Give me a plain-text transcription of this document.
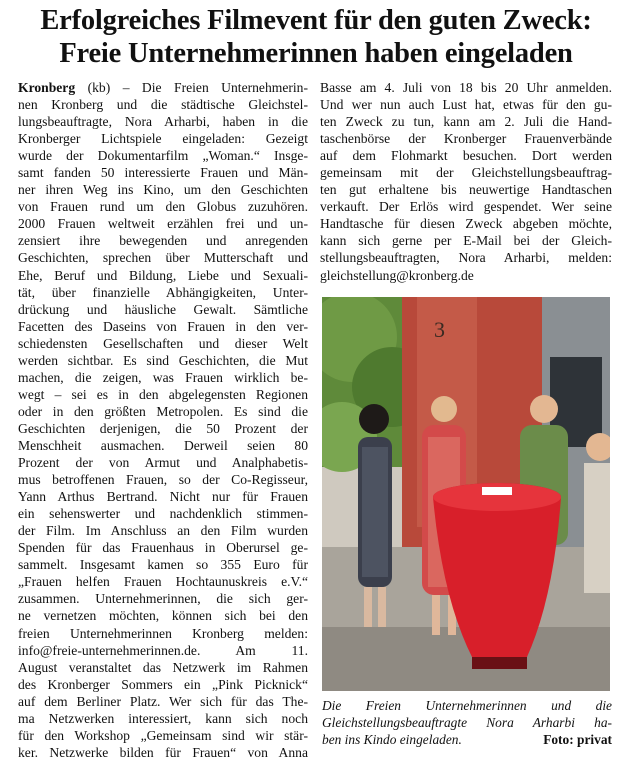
Erfolgreiches Filmevent für den guten Zweck:
Freie Unternehmerinnen haben eingeladen
Kronberg (kb) – Die Freien Unternehmerin-
nen Kronberg und die städtische Gleichstel-
lungsbeauftragte, Nora Arharbi, haben in die
Kronberger Lichtspiele eingeladen: Gezeigt
wurde der Dokumentarfilm „Woman.“ Insge-
samt fanden 50 interessierte Frauen und Män-
ner ihren Weg ins Kino, um den Geschichten
von Frauen rund um den Globus zuzuhören.
2000 Frauen weltweit erzählen frei und un-
zensiert ihre bewegenden und anregenden
Geschichten, sprechen über Mutterschaft und
Ehe, Beruf und Bildung, Liebe und Sexuali-
tät, über finanzielle Abhängigkeiten, Unter-
drückung und häusliche Gewalt. Sämtliche
Facetten des Daseins von Frauen in den ver-
schiedensten Gesellschaften und dieser Welt
werden sichtbar. Es sind Geschichten, die Mut
machen, die zeigen, was Frauen wirklich be-
wegt – sei es in den abgelegensten Regionen
oder in den größten Metropolen. Es sind die
Geschichten derjenigen, die 50 Prozent der
Menschheit ausmachen. Derweil seien 80
Prozent der von Armut und Analphabetis-
mus betroffenen Frauen, so der Co-Regisseur,
Yann Arthus Bertrand. Nicht nur für Frauen
ein sehenswerter und nachdenklich stimmen-
der Film. Im Anschluss an den Film wurden
Spenden für das Frauenhaus in Oberursel ge-
sammelt. Insgesamt kamen so 355 Euro für
„Frauen helfen Frauen Hochtaunuskreis e.V.“
zusammen. Unternehmerinnen, die sich ger-
ne vernetzen möchten, können sich bei den
freien Unternehmerinnen Kronberg melden:
info@freie-unternehmerinnen.de. Am 11.
August veranstaltet das Netzwerk im Rahmen
des Kronberger Sommers ein „Pink Picknick“
auf dem Berliner Platz. Wer sich für das The-
ma Netzwerken interessiert, kann sich noch
für den Workshop „Gemeinsam sind wir stär-
ker. Netzwerke bilden für Frauen“ von Anna
Basse am 4. Juli von 18 bis 20 Uhr anmelden.
Und wer nun auch Lust hat, etwas für den gu-
ten Zweck zu tun, kann am 2. Juli die Hand-
taschenbörse der Kronberger Frauenverbände
auf dem Flohmarkt besuchen. Dort werden
gemeinsam mit der Gleichstellungsbeauftrag-
ten gut erhaltene bis neuwertige Handtaschen
verkauft. Der Erlös wird gespendet. Wer seine
Handtasche für diesen Zweck abgeben möchte,
kann sich gerne per E-Mail bei der Gleich-
stellungsbeauftragten, Nora Arharbi, melden:
gleichstellung@kronberg.de
3
Die Freien Unternehmerinnen und die
Gleichstellungsbeauftragte Nora Arharbi ha-
ben ins Kindo eingeladen.	Foto: privat
